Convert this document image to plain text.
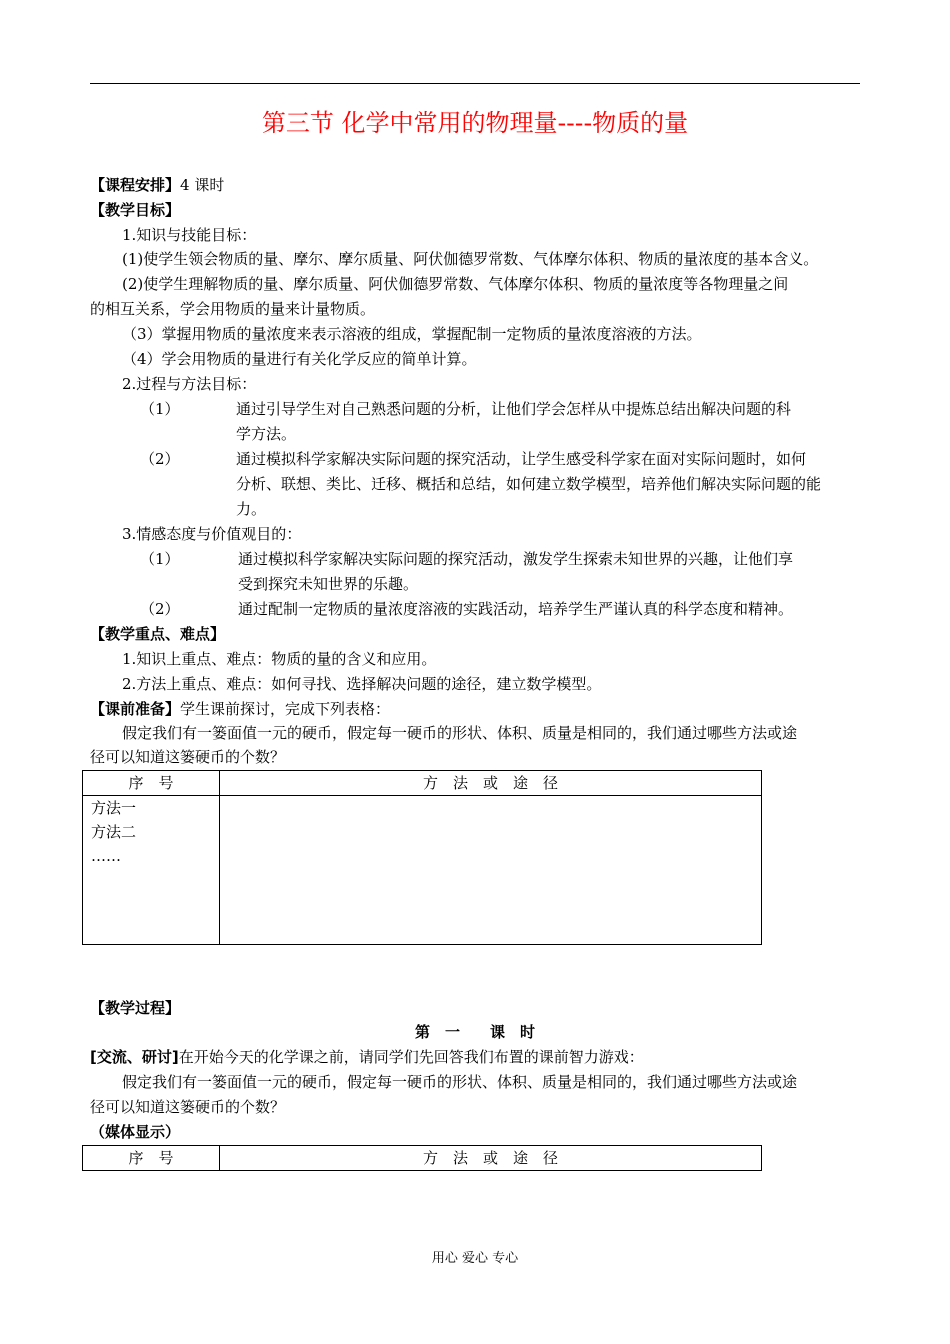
第三节 化学中常用的物理量----物质的量
【课程安排】4 课时
【教学目标】
1.知识与技能目标：
(1)使学生领会物质的量、摩尔、摩尔质量、阿伏伽德罗常数、气体摩尔体积、物质的量浓度的基本含义。
(2)使学生理解物质的量、摩尔质量、阿伏伽德罗常数、气体摩尔体积、物质的量浓度等各物理量之间
的相互关系，学会用物质的量来计量物质。
（3）掌握用物质的量浓度来表示溶液的组成，掌握配制一定物质的量浓度溶液的方法。
（4）学会用物质的量进行有关化学反应的简单计算。
2.过程与方法目标：
（1）	通过引导学生对自己熟悉问题的分析，让他们学会怎样从中提炼总结出解决问题的科
学方法。
（2）	通过模拟科学家解决实际问题的探究活动，让学生感受科学家在面对实际问题时，如何
分析、联想、类比、迁移、概括和总结，如何建立数学模型，培养他们解决实际问题的能
力。
3.情感态度与价值观目的：
（1）	通过模拟科学家解决实际问题的探究活动，激发学生探索未知世界的兴趣，让他们享
受到探究未知世界的乐趣。
（2）	通过配制一定物质的量浓度溶液的实践活动，培养学生严谨认真的科学态度和精神。
【教学重点、难点】
1.知识上重点、难点：物质的量的含义和应用。
2.方法上重点、难点：如何寻找、选择解决问题的途径，建立数学模型。
【课前准备】学生课前探讨，完成下列表格：
假定我们有一篓面值一元的硬币，假定每一硬币的形状、体积、质量是相同的，我们通过哪些方法或途
径可以知道这篓硬币的个数？
序　号	方　法　或　途　径

方法一
方法二
……	

【教学过程】
第　一　　课　时
[交流、研讨]在开始今天的化学课之前，请同学们先回答我们布置的课前智力游戏：
假定我们有一篓面值一元的硬币，假定每一硬币的形状、体积、质量是相同的，我们通过哪些方法或途
径可以知道这篓硬币的个数？
（媒体显示）
序　号	方　法　或　途　径
用心 爱心 专心
